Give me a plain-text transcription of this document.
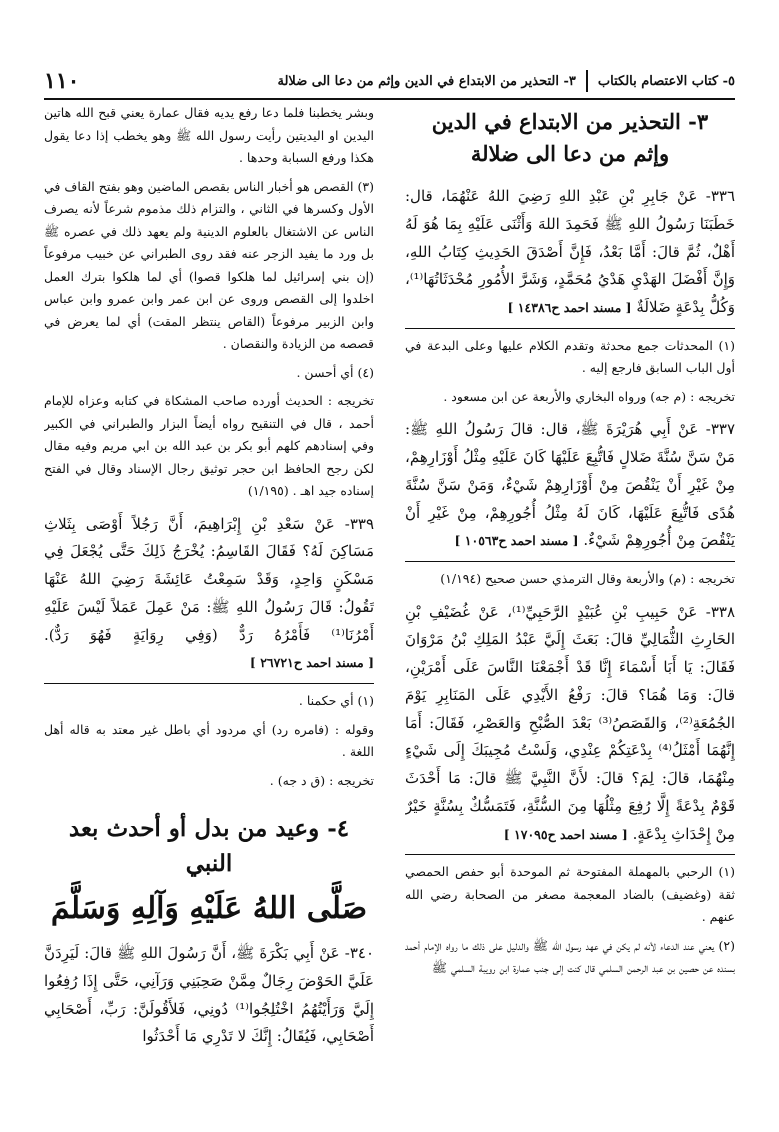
٥- كتاب الاعتصام بالكتاب
٣- التحذير من الابتداع في الدين وإثم من دعا الى ضلالة
١١٠
٣- التحذير من الابتداع في الدين
وإثم من دعا الى ضلالة

٣٣٦- عَنْ جَابِرِ بْنِ عَبْدِ اللهِ رَضِيَ اللهُ عَنْهُمَا، قال: خَطَبَنَا رَسُولُ اللهِ ﷺ فَحَمِدَ اللهَ وَأَثْنَى عَلَيْهِ بِمَا هُوَ لَهُ أَهْلٌ، ثُمَّ قالَ: أَمَّا بَعْدُ، فَإِنَّ أَصْدَقَ الحَدِيثِ كِتَابُ اللهِ، وَإِنَّ أَفْضَلَ الهَدْيِ هَدْيُ مُحَمَّدٍ، وَشَرَّ الأُمُورِ مُحْدَثَاتُهَا⁽¹⁾، وَكُلُّ بِدْعَةٍ ضَلالَةٌ [ مسند احمد ح١٤٣٨٦ ]

(١) المحدثات جمع محدثة وتقدم الكلام عليها وعلى البدعة في أول الباب السابق فارجع إليه .

تخريجه : (م جه) ورواه البخاري والأربعة عن ابن مسعود .

٣٣٧- عَنْ أَبِي هُرَيْرَةَ ﷺ، قال: قالَ رَسُولُ اللهِ ﷺ: مَنْ سَنَّ سُنَّةَ ضَلالٍ فَاتُّبِعَ عَلَيْهَا كَانَ عَلَيْهِ مِثْلُ أَوْزَارِهِمْ، مِنْ غَيْرِ أَنْ يَنْقُصَ مِنْ أَوْزَارِهِمْ شَيْءٌ، وَمَنْ سَنَّ سُنَّةَ هُدًى فَاتُّبِعَ عَلَيْهَا، كَانَ لَهُ مِثْلُ أُجُورِهِمْ، مِنْ غَيْرِ أَنْ يَنْقُصَ مِنْ أُجُورِهِمْ شَيْءٌ. [ مسند احمد ح١٠٥٦٣ ]

تخريجه : (م) والأربعة وقال الترمذي حسن صحيح (١/١٩٤)

٣٣٨- عَنْ حَبِيبِ بْنِ عُبَيْدٍ الرَّحَبِيِّ⁽¹⁾، عَنْ غُضَيْفِ بْنِ الحَارِثِ الثُّمَالِيِّ قالَ: بَعَثَ إِلَيَّ عَبْدُ المَلِكِ بْنُ مَرْوَانَ فَقَالَ: يَا أَبَا أَسْمَاءَ إِنَّا قَدْ أَجْمَعْنَا النَّاسَ عَلَى أَمْرَيْنِ، قالَ: وَمَا هُمَا؟ قالَ: رَفْعُ الأَيْدِي عَلَى المَنَابِرِ يَوْمَ الجُمُعَةِ⁽²⁾، وَالقَصَصُ⁽³⁾ بَعْدَ الصُّبْحِ وَالعَصْرِ، فَقَالَ: أَمَا إِنَّهُمَا أَمْثَلُ⁽⁴⁾ بِدْعَتِكُمْ عِنْدِي، وَلَسْتُ مُجِيبَكَ إِلَى شَيْءٍ مِنْهُمَا، قالَ: لِمَ؟ قالَ: لأَنَّ النَّبِيَّ ﷺ قالَ: مَا أَحْدَثَ قَوْمٌ بِدْعَةً إِلَّا رُفِعَ مِثْلُهَا مِنَ السُّنَّةِ، فَتَمَسُّكٌ بِسُنَّةٍ خَيْرٌ مِنْ إِحْدَاثِ بِدْعَةٍ. [ مسند احمد ح١٧٠٩٥ ]

(١) الرحبي بالمهملة المفتوحة ثم الموحدة أبو حفص الحمصي ثقة (وغضيف) بالضاد المعجمة مصغر من الصحابة رضي الله عنهم .

(٢) يعني عند الدعاء لأنه لم يكن في عهد رسول الله ﷺ والدليل على ذلك ما رواه الإمام أحمد بسنده عن حصين بن عبد الرحمن السلمي قال كنت إلى جنب عمارة ابن رويبة السلمي ﷺ

وبشر يخطبنا فلما دعا رفع يديه فقال عمارة يعني قبح الله هاتين اليدين او اليديتين رأيت رسول الله ﷺ وهو يخطب إذا دعا يقول هكذا ورفع السبابة وحدها .

(٣) القصص هو أخبار الناس بقصص الماضين وهو بفتح القاف في الأول وكسرها في الثاني ، والتزام ذلك مذموم شرعاً لأنه يصرف الناس عن الاشتغال بالعلوم الدينية ولم يعهد ذلك في عصره ﷺ بل ورد ما يفيد الزجر عنه فقد روى الطبراني عن خبيب مرفوعاً (إن بني إسرائيل لما هلكوا قصوا) أي لما هلكوا بترك العمل اخلدوا إلى القصص وروى عن ابن عمر وابن عمرو وابن عباس وابن الزبير مرفوعاً (القاص ينتظر المقت) أي لما يعرض في قصصه من الزيادة والنقصان .

(٤) أي أحسن .

تخريجه : الحديث أورده صاحب المشكاة في كتابه وعزاه للإمام أحمد ، قال في التنقيح رواه أيضاً البزار والطبراني في الكبير وفي إسنادهم كلهم أبو بكر بن عبد الله بن ابي مريم وفيه مقال لكن رجح الحافظ ابن حجر توثيق رجال الإسناد وقال في الفتح إسناده جيد اهـ . (١/١٩٥)

٣٣٩- عَنْ سَعْدِ بْنِ إِبْرَاهِيمَ، أَنَّ رَجُلاً أَوْصَى بِثَلاثِ مَسَاكِنَ لَهُ؟ فَقَالَ القَاسِمُ: يُخْرَجُ ذَلِكَ حَتَّى يُجْعَلَ فِي مَسْكَنٍ وَاحِدٍ، وَقَدْ سَمِعْتُ عَائِشَةَ رَضِيَ اللهُ عَنْهَا تَقُولُ: قَالَ رَسُولُ اللهِ ﷺ: مَنْ عَمِلَ عَمَلاً لَيْسَ عَلَيْهِ أَمْرُنَا⁽¹⁾ فَأَمْرُهُ رَدٌّ (وَفِي رِوَايَةٍ فَهُوَ رَدٌّ). [ مسند احمد ح٢٦٧٢١ ]

(١) أي حكمنا .

وقوله : (فامره رد) أي مردود أي باطل غير معتد به قاله أهل اللغة .

تخريجه : (ق د جه) .

٤- وعيد من بدل أو أحدث بعد النبي
صَلَّى اللهُ عَلَيْهِ وَآلِهِ وَسَلَّمَ

٣٤٠- عَنْ أَبِي بَكْرَةَ ﷺ، أَنَّ رَسُولَ اللهِ ﷺ قالَ: لَيَرِدَنَّ عَلَيَّ الحَوْضَ رِجَالٌ مِمَّنْ صَحِبَنِي وَرَآنِي، حَتَّى إِذَا رُفِعُوا إِلَيَّ وَرَأَيْتُهُمُ اخْتُلِجُوا⁽¹⁾ دُونِي، فَلأَقُولَنَّ: رَبِّ، أَصْحَابِي أَصْحَابِي، فَيُقَالُ: إِنَّكَ لا تَدْرِي مَا أَحْدَثُوا
